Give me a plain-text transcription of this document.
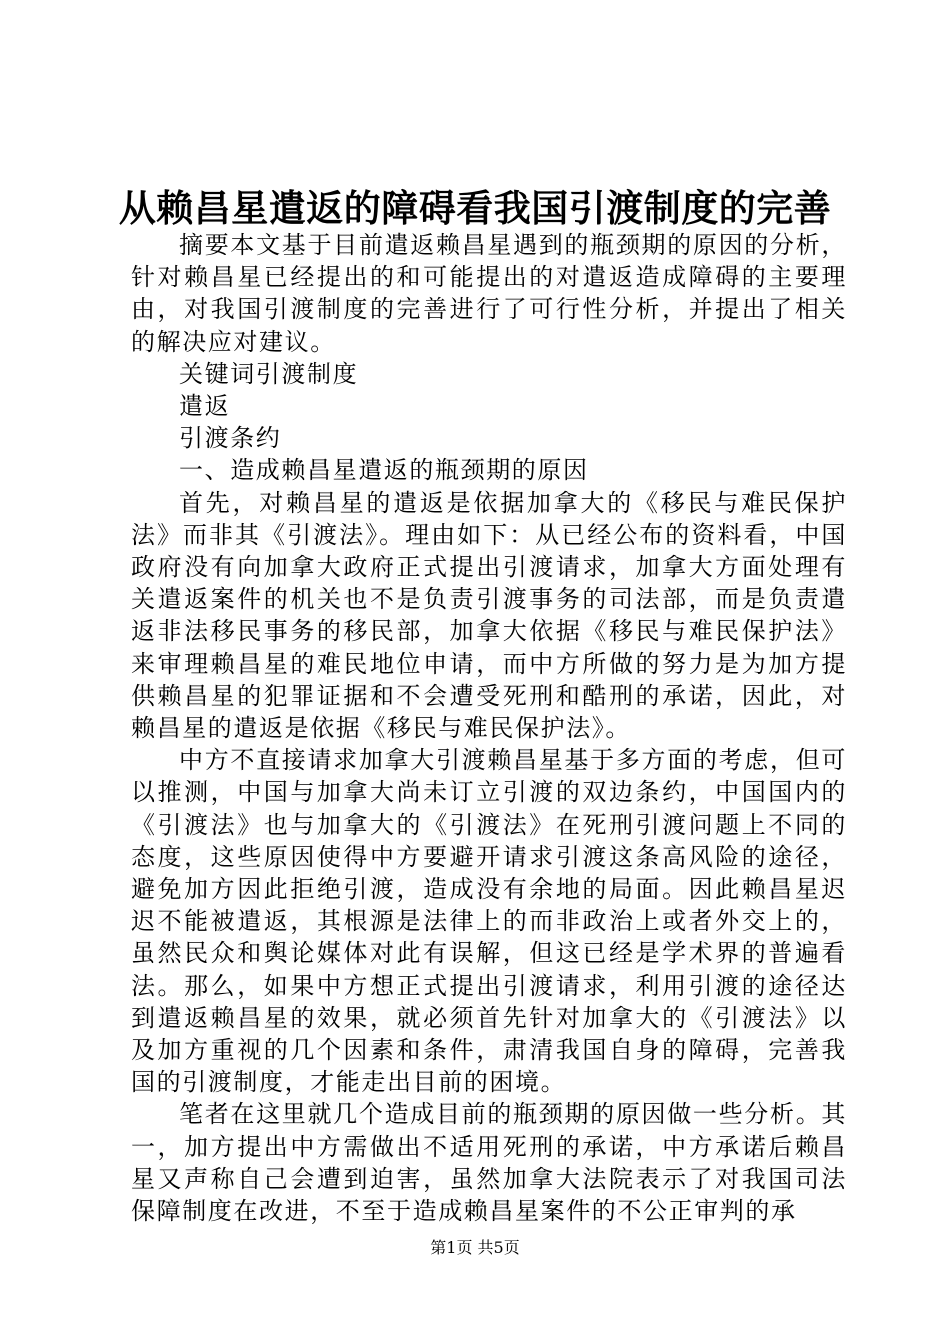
从赖昌星遣返的障碍看我国引渡制度的完善

摘要本文基于目前遣返赖昌星遇到的瓶颈期的原因的分析，针对赖昌星已经提出的和可能提出的对遣返造成障碍的主要理由，对我国引渡制度的完善进行了可行性分析，并提出了相关的解决应对建议。

关键词引渡制度

遣返

引渡条约

一、造成赖昌星遣返的瓶颈期的原因

首先，对赖昌星的遣返是依据加拿大的《移民与难民保护法》而非其《引渡法》。理由如下：从已经公布的资料看，中国政府没有向加拿大政府正式提出引渡请求，加拿大方面处理有关遣返案件的机关也不是负责引渡事务的司法部，而是负责遣返非法移民事务的移民部，加拿大依据《移民与难民保护法》来审理赖昌星的难民地位申请，而中方所做的努力是为加方提供赖昌星的犯罪证据和不会遭受死刑和酷刑的承诺，因此，对赖昌星的遣返是依据《移民与难民保护法》。

中方不直接请求加拿大引渡赖昌星基于多方面的考虑，但可以推测，中国与加拿大尚未订立引渡的双边条约，中国国内的《引渡法》也与加拿大的《引渡法》在死刑引渡问题上不同的态度，这些原因使得中方要避开请求引渡这条高风险的途径，避免加方因此拒绝引渡，造成没有余地的局面。因此赖昌星迟迟不能被遣返，其根源是法律上的而非政治上或者外交上的，虽然民众和舆论媒体对此有误解，但这已经是学术界的普遍看法。那么，如果中方想正式提出引渡请求，利用引渡的途径达到遣返赖昌星的效果，就必须首先针对加拿大的《引渡法》以及加方重视的几个因素和条件，肃清我国自身的障碍，完善我国的引渡制度，才能走出目前的困境。

笔者在这里就几个造成目前的瓶颈期的原因做一些分析。其一，加方提出中方需做出不适用死刑的承诺，中方承诺后赖昌星又声称自己会遭到迫害，虽然加拿大法院表示了对我国司法保障制度在改进，不至于造成赖昌星案件的不公正审判的承

第1页 共5页
